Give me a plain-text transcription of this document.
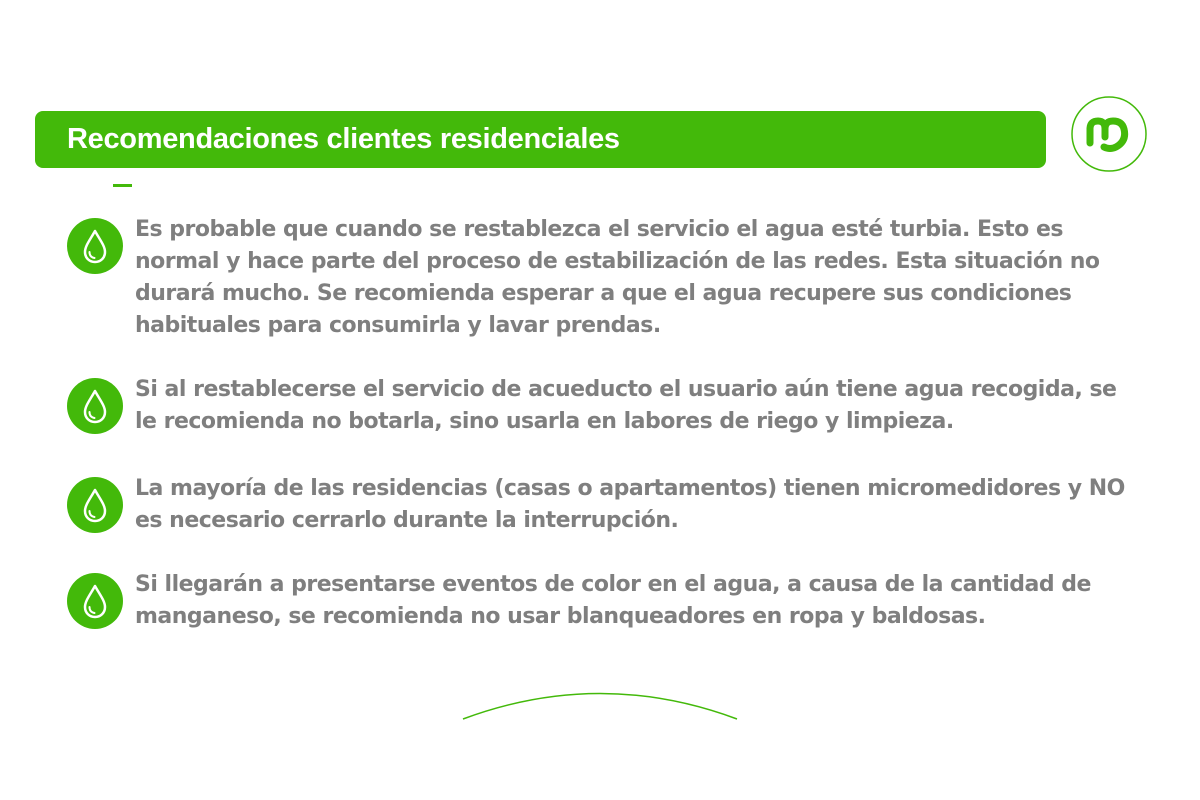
Recomendaciones clientes residenciales

Es probable que cuando se restablezca el servicio el agua esté turbia. Esto es normal y hace parte del proceso de estabilización de las redes. Esta situación no durará mucho. Se recomienda esperar a que el agua recupere sus condiciones habituales para consumirla y lavar prendas.

Si al restablecerse el servicio de acueducto el usuario aún tiene agua recogida, se le recomienda no botarla, sino usarla en labores de riego y limpieza.

La mayoría de las residencias (casas o apartamentos) tienen micromedidores y NO es necesario cerrarlo durante la interrupción.

Si llegarán a presentarse eventos de color en el agua, a causa de la cantidad de manganeso, se recomienda no usar blanqueadores en ropa y baldosas.
